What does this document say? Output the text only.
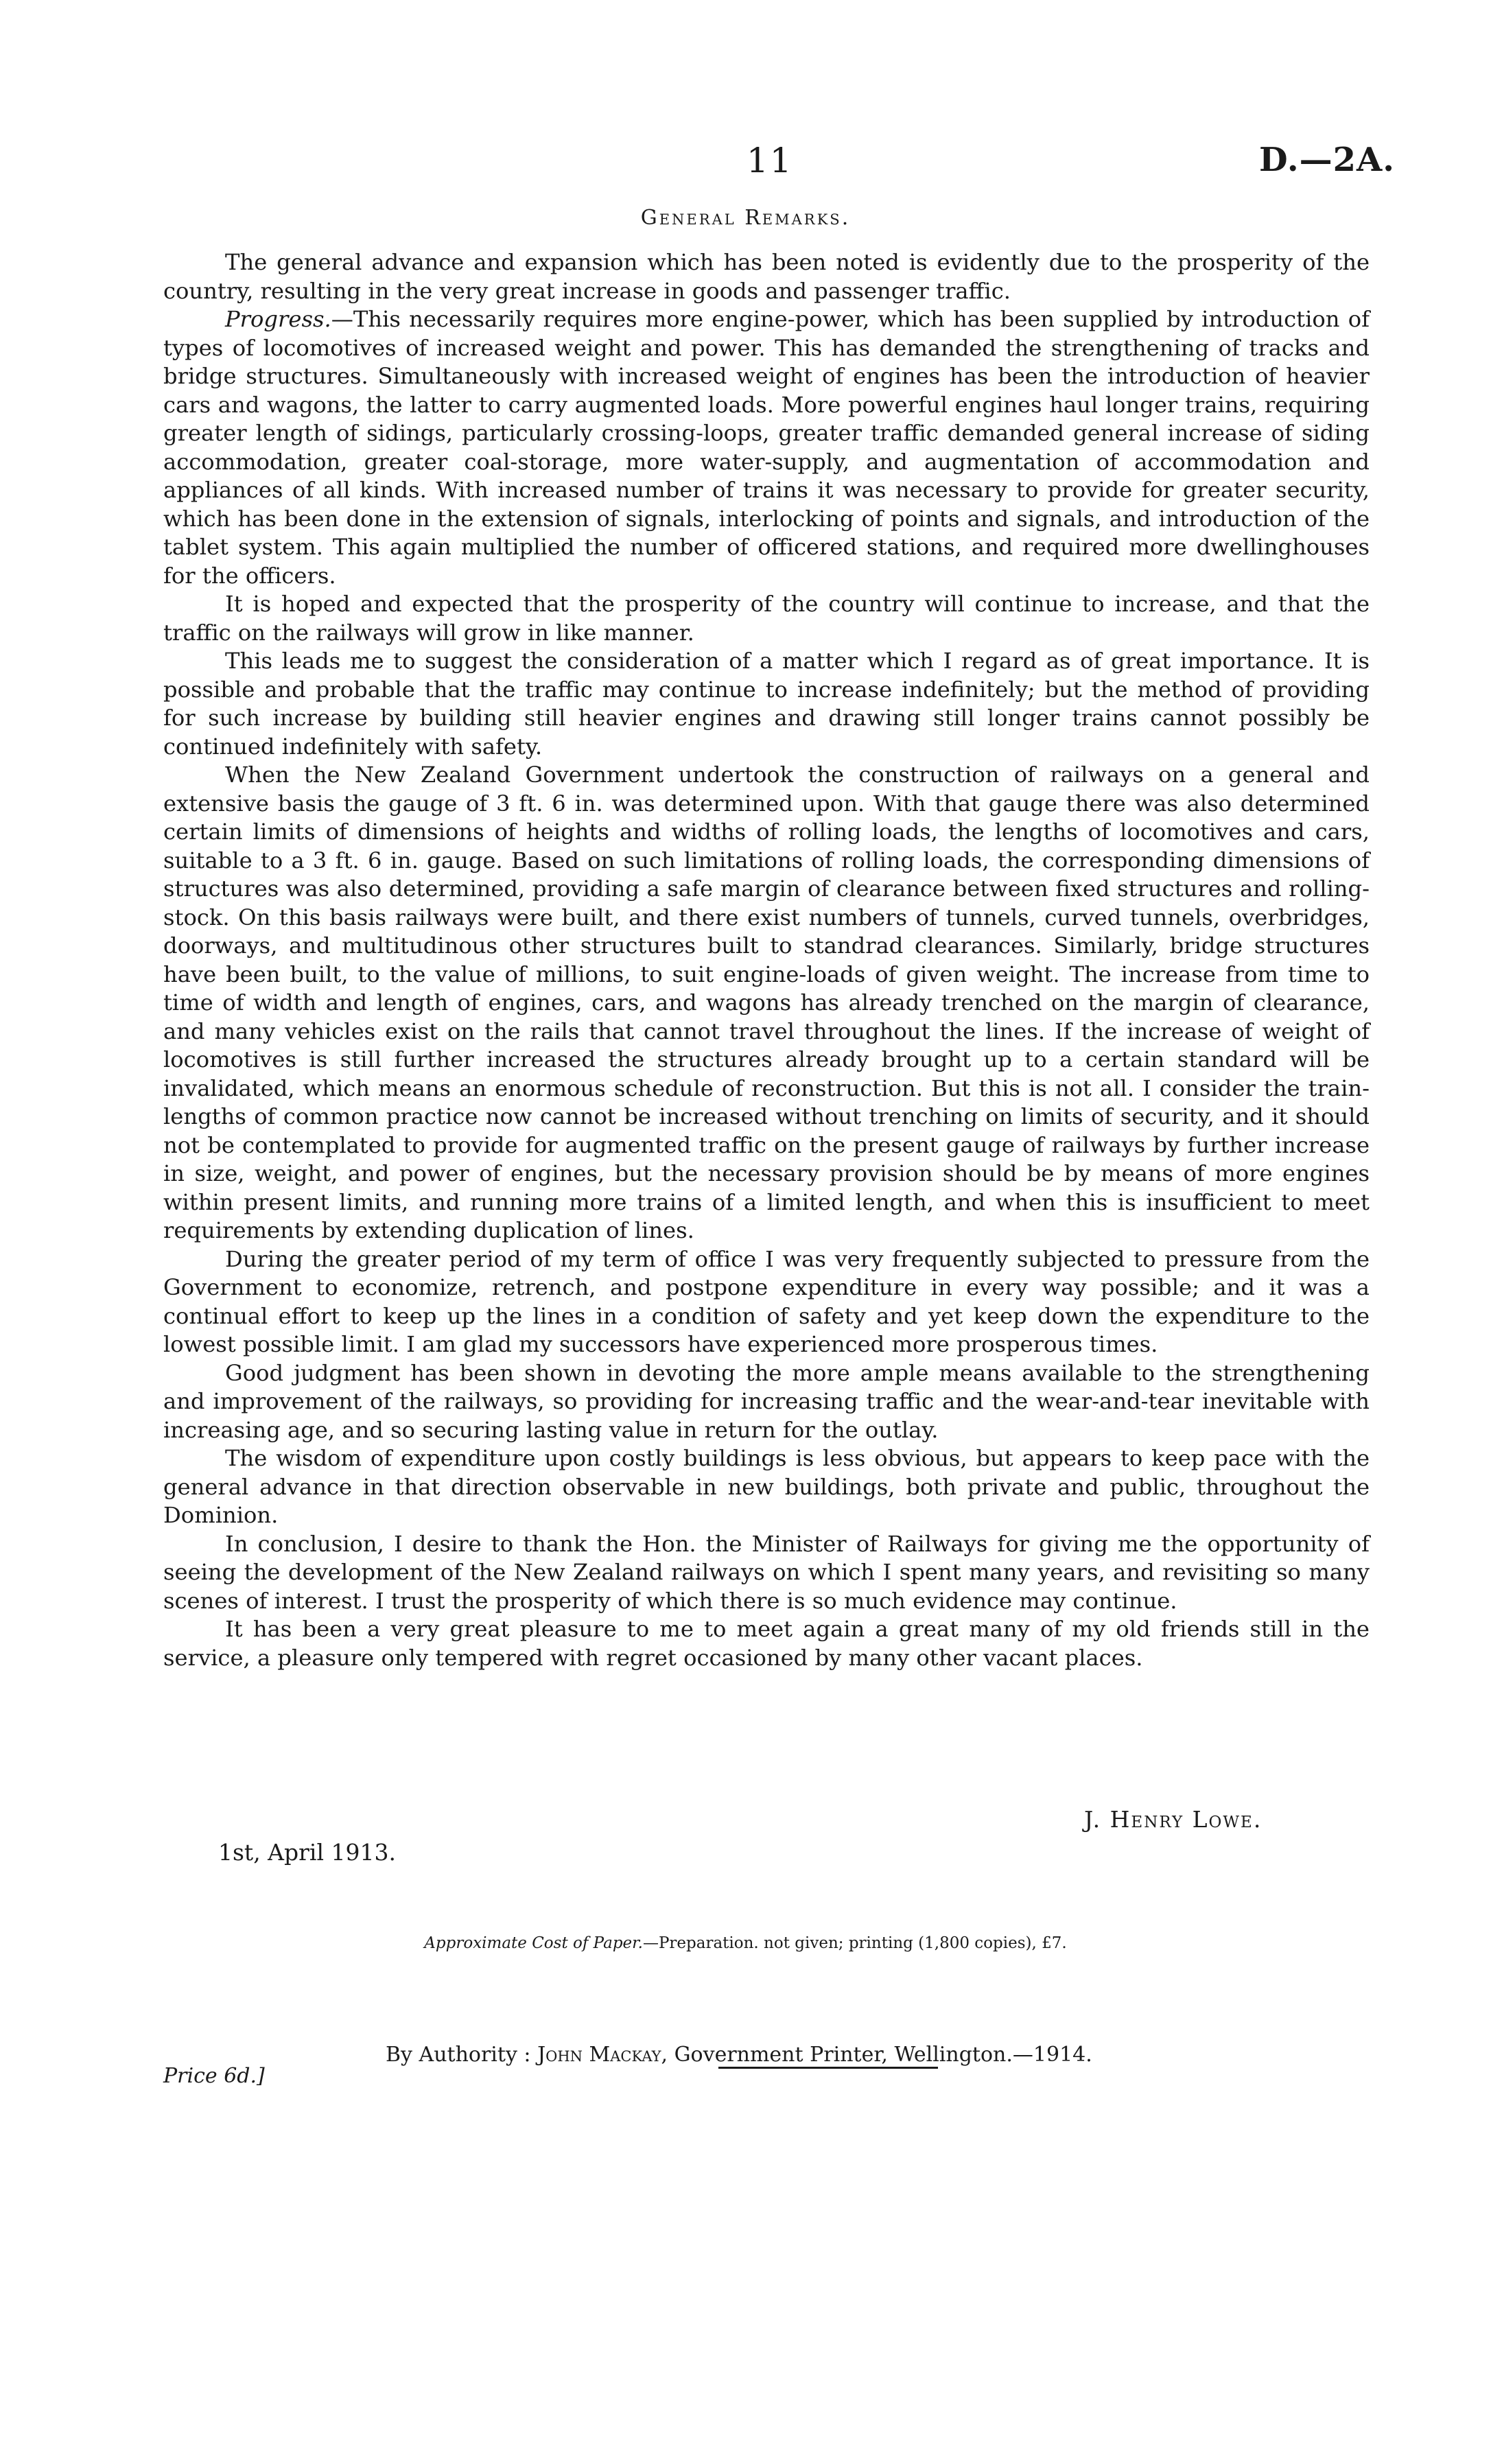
11	D.—2A.
General Remarks.

The general advance and expansion which has been noted is evidently due to the prosperity of the country, resulting in the very great increase in goods and passenger traffic.

Progress.—This necessarily requires more engine-power, which has been supplied by introduction of types of locomotives of increased weight and power. This has demanded the strengthening of tracks and bridge structures. Simultaneously with increased weight of engines has been the introduction of heavier cars and wagons, the latter to carry augmented loads. More powerful engines haul longer trains, requiring greater length of sidings, particularly crossing-loops, greater traffic demanded general increase of siding accommodation, greater coal-storage, more water-supply, and augmentation of accommodation and appliances of all kinds. With increased number of trains it was necessary to provide for greater security, which has been done in the extension of signals, interlocking of points and signals, and introduction of the tablet system. This again multiplied the number of officered stations, and required more dwellinghouses for the officers.

It is hoped and expected that the prosperity of the country will continue to increase, and that the traffic on the railways will grow in like manner.

This leads me to suggest the consideration of a matter which I regard as of great importance. It is possible and probable that the traffic may continue to increase indefinitely; but the method of providing for such increase by building still heavier engines and drawing still longer trains cannot possibly be continued indefinitely with safety.

When the New Zealand Government undertook the construction of railways on a general and extensive basis the gauge of 3 ft. 6 in. was determined upon. With that gauge there was also determined certain limits of dimensions of heights and widths of rolling loads, the lengths of locomotives and cars, suitable to a 3 ft. 6 in. gauge. Based on such limitations of rolling loads, the corresponding dimensions of structures was also determined, providing a safe margin of clearance between fixed structures and rolling-stock. On this basis railways were built, and there exist numbers of tunnels, curved tunnels, overbridges, doorways, and multitudinous other structures built to standrad clearances. Similarly, bridge structures have been built, to the value of millions, to suit engine-loads of given weight. The increase from time to time of width and length of engines, cars, and wagons has already trenched on the margin of clearance, and many vehicles exist on the rails that cannot travel throughout the lines. If the increase of weight of locomotives is still further increased the structures already brought up to a certain standard will be invalidated, which means an enormous schedule of reconstruction. But this is not all. I consider the train-lengths of common practice now cannot be increased without trenching on limits of security, and it should not be contemplated to provide for augmented traffic on the present gauge of railways by further increase in size, weight, and power of engines, but the necessary provision should be by means of more engines within present limits, and running more trains of a limited length, and when this is insufficient to meet requirements by extending duplication of lines.

During the greater period of my term of office I was very frequently subjected to pressure from the Government to economize, retrench, and postpone expenditure in every way possible; and it was a continual effort to keep up the lines in a condition of safety and yet keep down the expenditure to the lowest possible limit. I am glad my successors have experienced more prosperous times.

Good judgment has been shown in devoting the more ample means available to the strengthening and improvement of the railways, so providing for increasing traffic and the wear-and-tear inevitable with increasing age, and so securing lasting value in return for the outlay.

The wisdom of expenditure upon costly buildings is less obvious, but appears to keep pace with the general advance in that direction observable in new buildings, both private and public, throughout the Dominion.

In conclusion, I desire to thank the Hon. the Minister of Railways for giving me the opportunity of seeing the development of the New Zealand railways on which I spent many years, and revisiting so many scenes of interest. I trust the prosperity of which there is so much evidence may continue.

It has been a very great pleasure to me to meet again a great many of my old friends still in the service, a pleasure only tempered with regret occasioned by many other vacant places.

J. Henry Lowe.
1st, April 1913.
Approximate Cost of Paper.—Preparation. not given; printing (1,800 copies), £7.
By Authority : John Mackay, Government Printer, Wellington.—1914.
Price 6d.]
